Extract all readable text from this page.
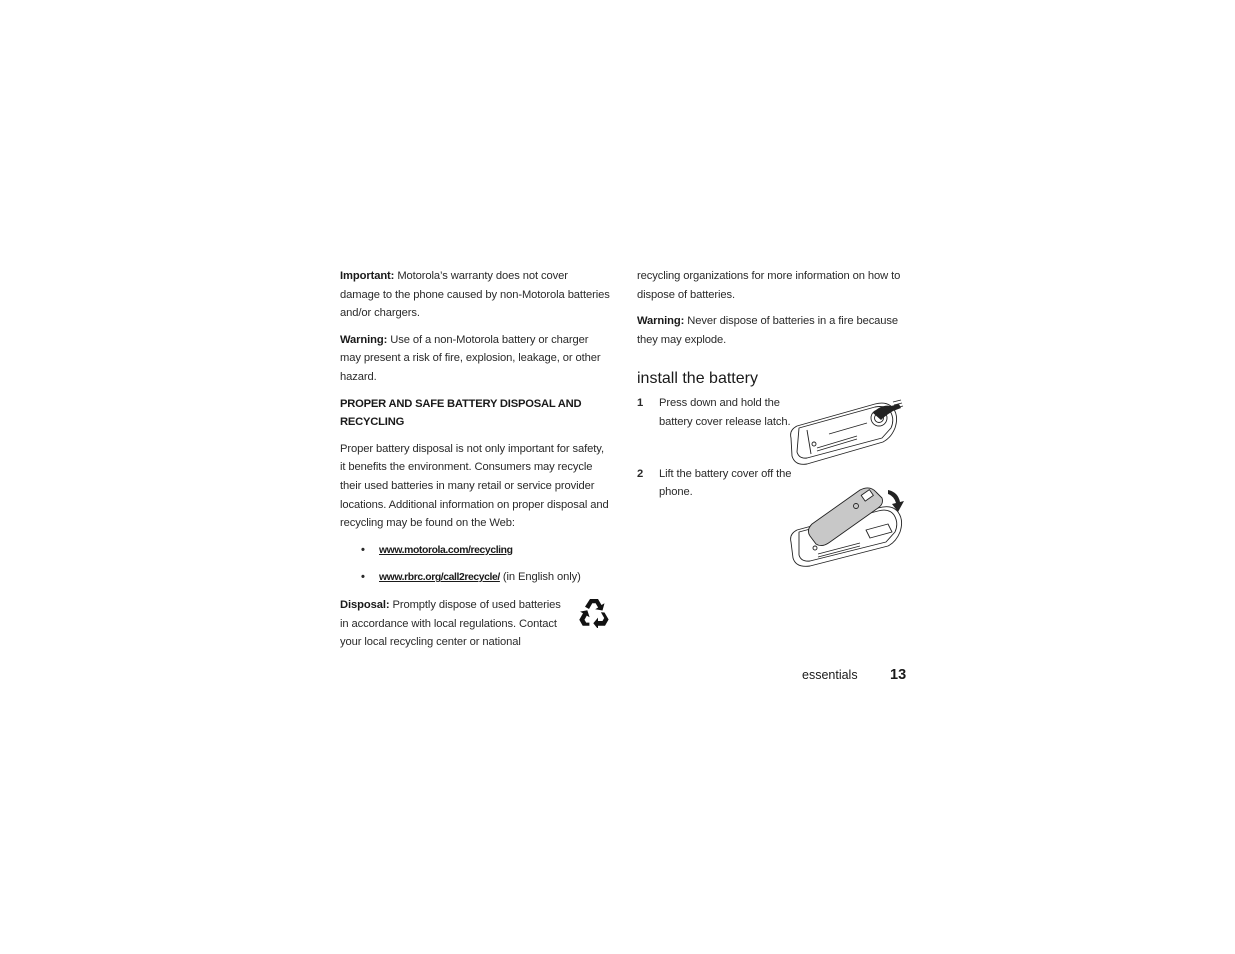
Important: Motorola’s warranty does not cover damage to the phone caused by non-Motorola batteries and/or chargers.

Warning: Use of a non-Motorola battery or charger may present a risk of fire, explosion, leakage, or other hazard.

PROPER AND SAFE BATTERY DISPOSAL AND RECYCLING

Proper battery disposal is not only important for safety, it benefits the environment. Consumers may recycle their used batteries in many retail or service provider locations. Additional information on proper disposal and recycling may be found on the Web:

• www.motorola.com/recycling
• www.rbrc.org/call2recycle/ (in English only)

Disposal: Promptly dispose of used batteries in accordance with local regulations. Contact your local recycling center or national

recycling organizations for more information on how to dispose of batteries.

Warning: Never dispose of batteries in a fire because they may explode.

install the battery
1 Press down and hold the battery cover release latch.
2 Lift the battery cover off the phone.
essentials 13
